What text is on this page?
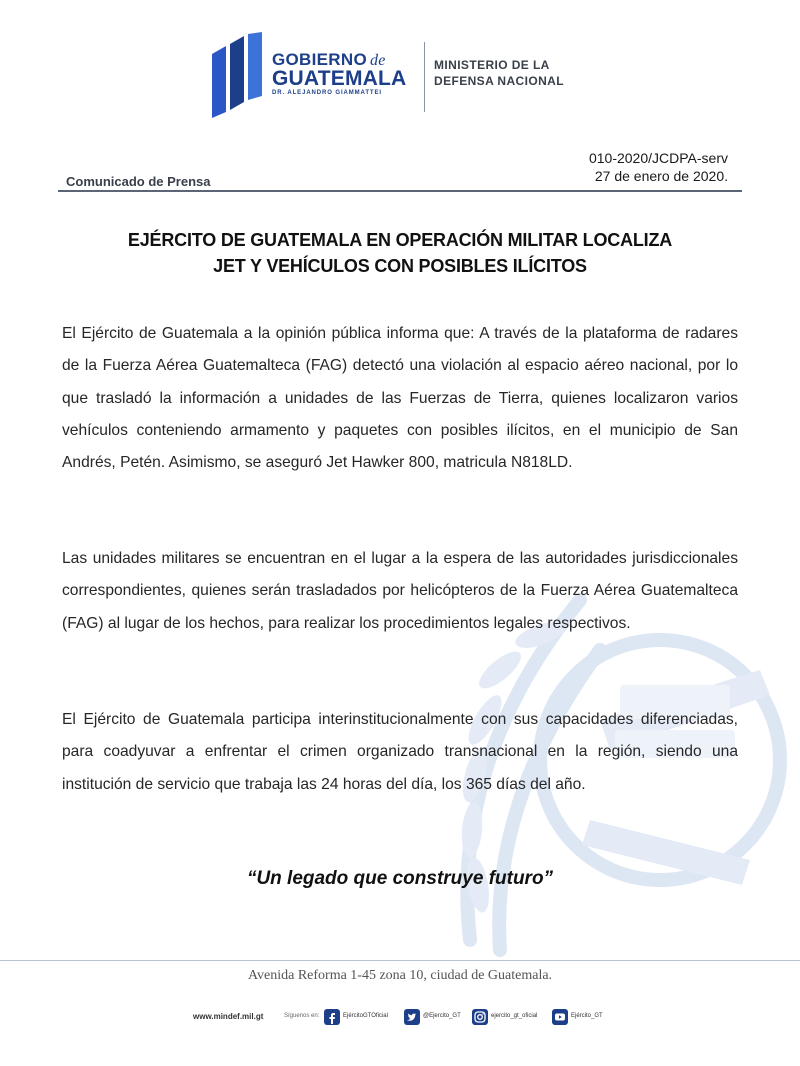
GOBIERNO de
GUATEMALA
DR. ALEJANDRO GIAMMATTEI
MINISTERIO DE LA
DEFENSA NACIONAL
010-2020/JCDPA-serv
27 de enero de 2020.
Comunicado de Prensa
EJÉRCITO DE GUATEMALA EN OPERACIÓN MILITAR LOCALIZA
JET Y VEHÍCULOS CON POSIBLES ILÍCITOS

El Ejército de Guatemala a la opinión pública informa que: A través de la plataforma de radares de la Fuerza Aérea Guatemalteca (FAG) detectó una violación al espacio aéreo nacional, por lo que trasladó la información a unidades de las Fuerzas de Tierra, quienes localizaron varios vehículos conteniendo armamento y paquetes con posibles ilícitos, en el municipio de San Andrés, Petén. Asimismo, se aseguró Jet Hawker 800, matricula N818LD.

Las unidades militares se encuentran en el lugar a la espera de las autoridades jurisdiccionales correspondientes, quienes serán trasladados por helicópteros de la Fuerza Aérea Guatemalteca (FAG) al lugar de los hechos, para realizar los procedimientos legales respectivos.

El Ejército de Guatemala participa interinstitucionalmente con sus capacidades diferenciadas, para coadyuvar a enfrentar el crimen organizado transnacional en la región, siendo una institución de servicio que trabaja las 24 horas del día, los 365 días del año.

“Un legado que construye futuro”
Avenida Reforma 1-45 zona 10, ciudad de Guatemala.
www.mindef.mil.gt	Síguenos en:	EjércitoGTOficial	@Ejercito_GT	ejercito_gt_oficial	Ejército_GT
